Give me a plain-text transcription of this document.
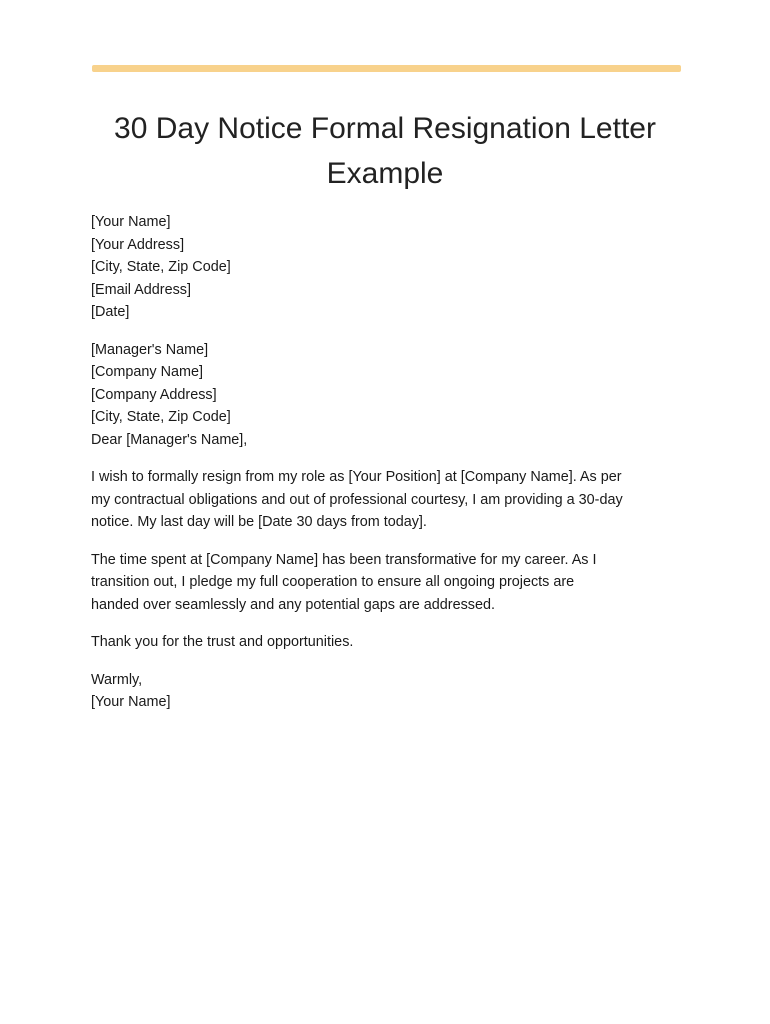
30 Day Notice Formal Resignation Letter
Example
[Your Name]
[Your Address]
[City, State, Zip Code]
[Email Address]
[Date]
[Manager's Name]
[Company Name]
[Company Address]
[City, State, Zip Code]
Dear [Manager's Name],
I wish to formally resign from my role as [Your Position] at [Company Name]. As per
my contractual obligations and out of professional courtesy, I am providing a 30-day
notice. My last day will be [Date 30 days from today].
The time spent at [Company Name] has been transformative for my career. As I
transition out, I pledge my full cooperation to ensure all ongoing projects are
handed over seamlessly and any potential gaps are addressed.
Thank you for the trust and opportunities.
Warmly,
[Your Name]
